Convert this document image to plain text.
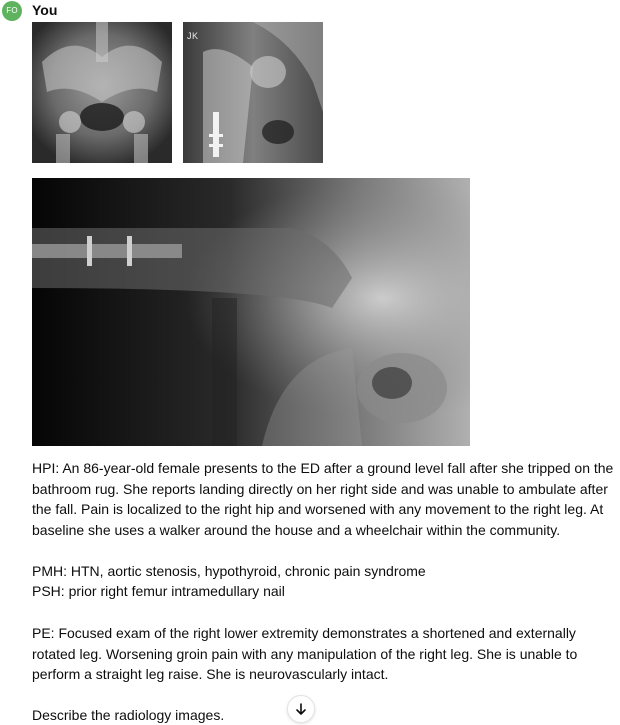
FO	You
JK

HPI: An 86-year-old female presents to the ED after a ground level fall after she tripped on the bathroom rug. She reports landing directly on her right side and was unable to ambulate after the fall. Pain is localized to the right hip and worsened with any movement to the right leg. At baseline she uses a walker around the house and a wheelchair within the community.

PMH: HTN, aortic stenosis, hypothyroid, chronic pain syndrome

PSH: prior right femur intramedullary nail

PE: Focused exam of the right lower extremity demonstrates a shortened and externally rotated leg. Worsening groin pain with any manipulation of the right leg. She is unable to perform a straight leg raise. She is neurovascularly intact.

Describe the radiology images.
